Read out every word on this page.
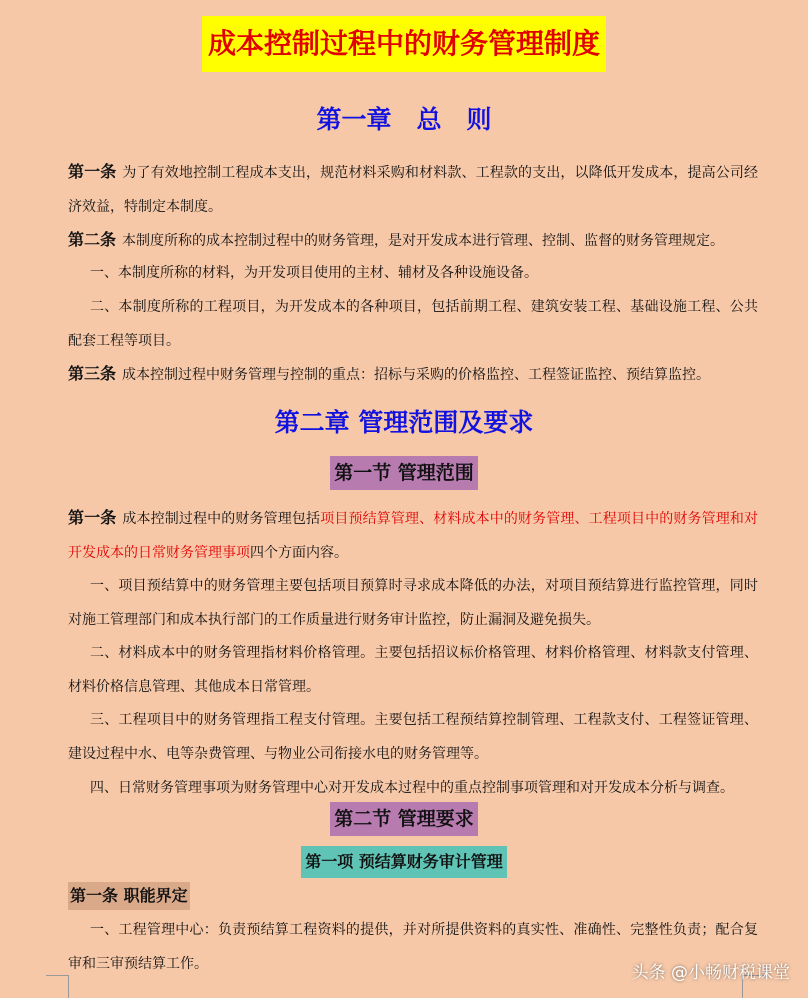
成本控制过程中的财务管理制度
第一章　总　则
第一条 为了有效地控制工程成本支出，规范材料采购和材料款、工程款的支出，以降低开发成本，提高公司经济效益，特制定本制度。
第二条 本制度所称的成本控制过程中的财务管理，是对开发成本进行管理、控制、监督的财务管理规定。
一、本制度所称的材料，为开发项目使用的主材、辅材及各种设施设备。
二、本制度所称的工程项目，为开发成本的各种项目，包括前期工程、建筑安装工程、基础设施工程、公共配套工程等项目。
第三条 成本控制过程中财务管理与控制的重点：招标与采购的价格监控、工程签证监控、预结算监控。
第二章 管理范围及要求
第一节 管理范围
第一条 成本控制过程中的财务管理包括项目预结算管理、材料成本中的财务管理、工程项目中的财务管理和对开发成本的日常财务管理事项四个方面内容。
一、项目预结算中的财务管理主要包括项目预算时寻求成本降低的办法，对项目预结算进行监控管理，同时对施工管理部门和成本执行部门的工作质量进行财务审计监控，防止漏洞及避免损失。
二、材料成本中的财务管理指材料价格管理。主要包括招议标价格管理、材料价格管理、材料款支付管理、材料价格信息管理、其他成本日常管理。
三、工程项目中的财务管理指工程支付管理。主要包括工程预结算控制管理、工程款支付、工程签证管理、建设过程中水、电等杂费管理、与物业公司衔接水电的财务管理等。
四、日常财务管理事项为财务管理中心对开发成本过程中的重点控制事项管理和对开发成本分析与调查。
第二节 管理要求
第一项 预结算财务审计管理
第一条 职能界定
一、工程管理中心：负责预结算工程资料的提供，并对所提供资料的真实性、准确性、完整性负责；配合复审和三审预结算工作。	头条 @小畅财税课堂
